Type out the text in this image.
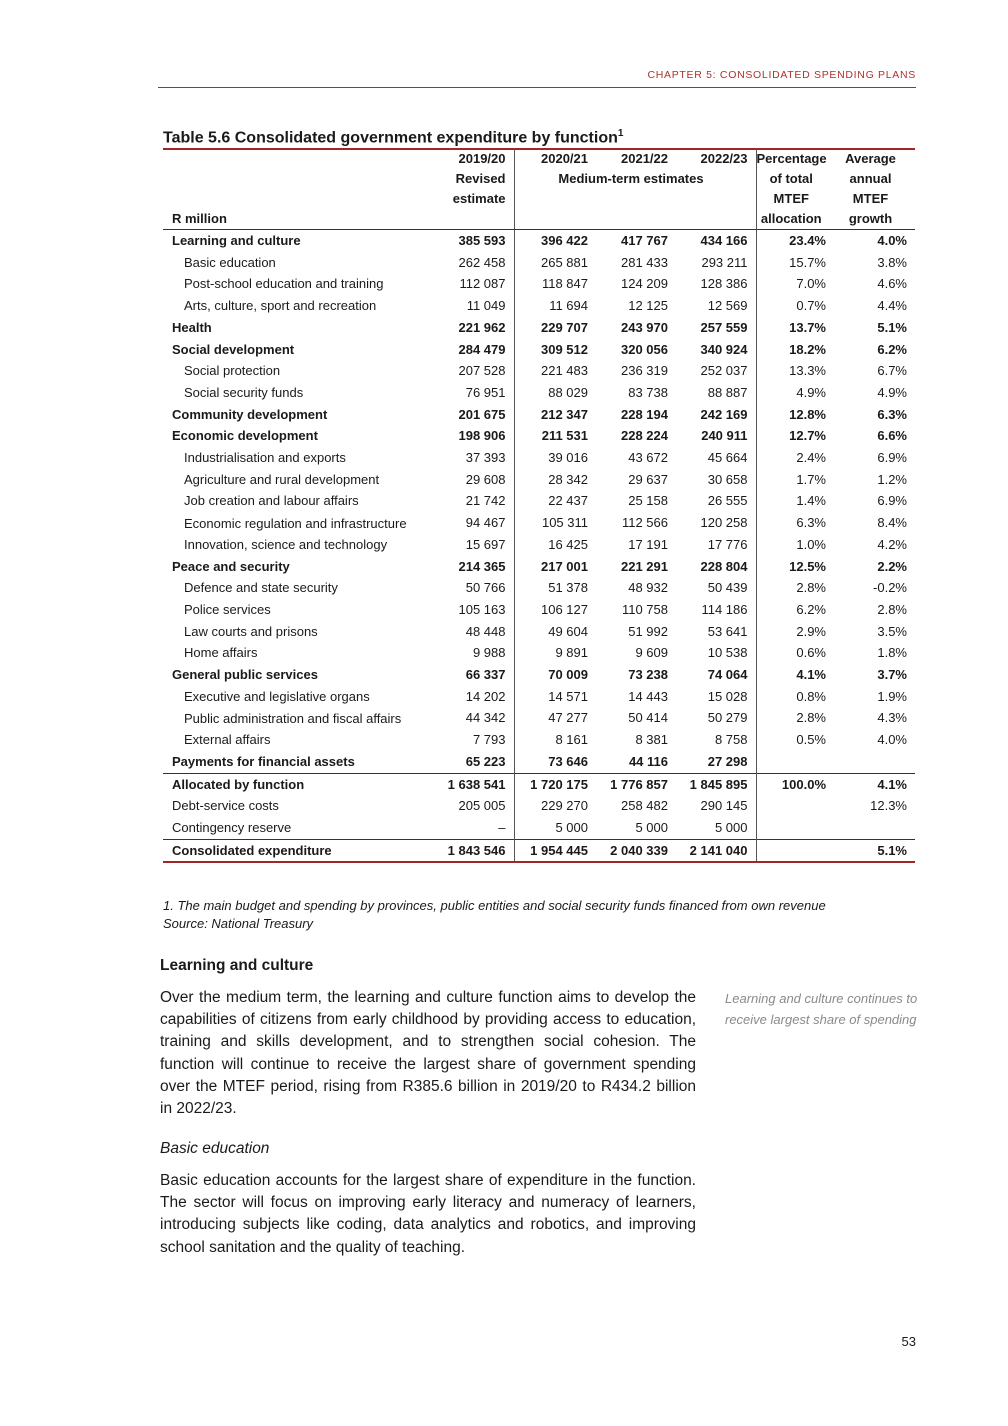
CHAPTER 5: CONSOLIDATED SPENDING PLANS
Table 5.6 Consolidated government expenditure by function$^1$
	2019/20	2020/21	2021/22	2022/23	Percentage	Average
	Revised	Medium-term estimates			of total	annual
	estimate				MTEF	MTEF
R million					allocation	growth
Learning and culture	385 593	396 422	417 767	434 166	23.4%	4.0%
Basic education	262 458	265 881	281 433	293 211	15.7%	3.8%
Post-school education and training	112 087	118 847	124 209	128 386	7.0%	4.6%
Arts, culture, sport and recreation	11 049	11 694	12 125	12 569	0.7%	4.4%
Health	221 962	229 707	243 970	257 559	13.7%	5.1%
Social development	284 479	309 512	320 056	340 924	18.2%	6.2%
Social protection	207 528	221 483	236 319	252 037	13.3%	6.7%
Social security funds	76 951	88 029	83 738	88 887	4.9%	4.9%
Community development	201 675	212 347	228 194	242 169	12.8%	6.3%
Economic development	198 906	211 531	228 224	240 911	12.7%	6.6%
Industrialisation and exports	37 393	39 016	43 672	45 664	2.4%	6.9%
Agriculture and rural development	29 608	28 342	29 637	30 658	1.7%	1.2%
Job creation and labour affairs	21 742	22 437	25 158	26 555	1.4%	6.9%
Economic regulation and infrastructure	94 467	105 311	112 566	120 258	6.3%	8.4%
Innovation, science and technology	15 697	16 425	17 191	17 776	1.0%	4.2%
Peace and security	214 365	217 001	221 291	228 804	12.5%	2.2%
Defence and state security	50 766	51 378	48 932	50 439	2.8%	-0.2%
Police services	105 163	106 127	110 758	114 186	6.2%	2.8%
Law courts and prisons	48 448	49 604	51 992	53 641	2.9%	3.5%
Home affairs	9 988	9 891	9 609	10 538	0.6%	1.8%
General public services	66 337	70 009	73 238	74 064	4.1%	3.7%
Executive and legislative organs	14 202	14 571	14 443	15 028	0.8%	1.9%
Public administration and fiscal affairs	44 342	47 277	50 414	50 279	2.8%	4.3%
External affairs	7 793	8 161	8 381	8 758	0.5%	4.0%
Payments for financial assets	65 223	73 646	44 116	27 298		
Allocated by function	1 638 541	1 720 175	1 776 857	1 845 895	100.0%	4.1%
Debt-service costs	205 005	229 270	258 482	290 145		12.3%
Contingency reserve	–	5 000	5 000	5 000		
Consolidated expenditure	1 843 546	1 954 445	2 040 339	2 141 040		5.1%
1. The main budget and spending by provinces, public entities and social security funds financed from own revenue
Source: National Treasury
Learning and culture
Over the medium term, the learning and culture function aims to develop the capabilities of citizens from early childhood by providing access to education, training and skills development, and to strengthen social cohesion. The function will continue to receive the largest share of government spending over the MTEF period, rising from R385.6 billion in 2019/20 to R434.2 billion in 2022/23.
Learning and culture continues to receive largest share of spending
Basic education
Basic education accounts for the largest share of expenditure in the function. The sector will focus on improving early literacy and numeracy of learners, introducing subjects like coding, data analytics and robotics, and improving school sanitation and the quality of teaching.
53
